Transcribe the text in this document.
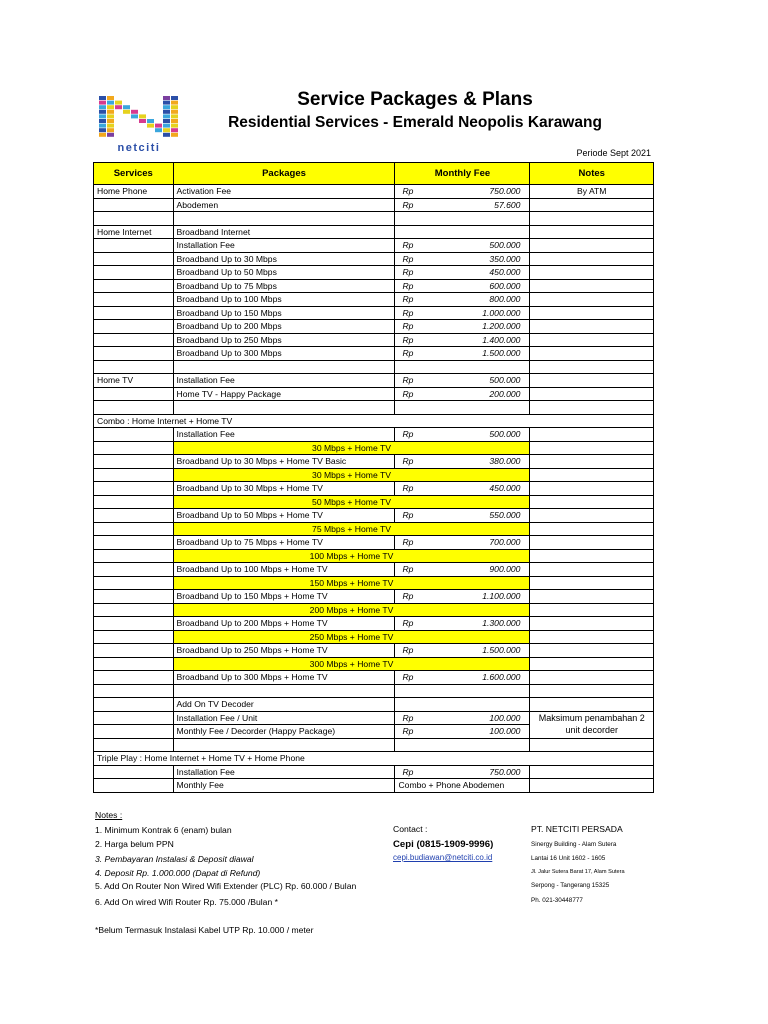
netciti
Service Packages & Plans
Residential Services - Emerald Neopolis Karawang
Periode Sept 2021
Services	Packages	Monthly Fee	Notes
Home Phone	Activation Fee	Rp 750.000	By ATM
	Abodemen	Rp 57.600	

Home Internet	Broadband Internet		
	Installation Fee	Rp 500.000	

	Broadband Up to 30 Mbps	Rp 350.000	

	Broadband Up to 50 Mbps	Rp 450.000	

	Broadband Up to 75 Mbps	Rp 600.000	

	Broadband Up to 100 Mbps	Rp 800.000	

	Broadband Up to 150 Mbps	Rp 1.000.000	

	Broadband Up to 200 Mbps	Rp 1.200.000	

	Broadband Up to 250 Mbps	Rp 1.400.000	

	Broadband Up to 300 Mbps	Rp 1.500.000	

Home TV	Installation Fee	Rp 500.000	

	Home TV - Happy Package	Rp 200.000	

Combo : Home Internet + Home TV			
	Installation Fee	Rp 500.000	

	30 Mbps + Home TV		
	Broadband Up to 30 Mbps + Home TV Basic	Rp 380.000	

	30 Mbps + Home TV		
	Broadband Up to 30 Mbps + Home TV	Rp 450.000	

	50 Mbps + Home TV		
	Broadband Up to 50 Mbps + Home TV	Rp 550.000	

	75 Mbps + Home TV		
	Broadband Up to 75 Mbps + Home TV	Rp 700.000	

	100 Mbps + Home TV		
	Broadband Up to 100 Mbps + Home TV	Rp 900.000	

	150 Mbps + Home TV		
	Broadband Up to 150 Mbps + Home TV	Rp 1.100.000	

	200 Mbps + Home TV		
	Broadband Up to 200 Mbps + Home TV	Rp 1.300.000	

	250 Mbps + Home TV		
	Broadband Up to 250 Mbps + Home TV	Rp 1.500.000	

	300 Mbps + Home TV		
	Broadband Up to 300 Mbps + Home TV	Rp 1.600.000	

	Add On TV Decoder		
	Installation Fee / Unit	Rp 100.000	Maksimum penambahan 2 unit decorder
	Monthly Fee / Decorder (Happy Package)	Rp 100.000	

Triple Play : Home Internet + Home TV + Home Phone			
	Installation Fee	Rp 750.000	

	Monthly Fee	Combo + Phone Abodemen	
Notes :
1. Minimum Kontrak 6 (enam) bulan
2. Harga belum PPN
3. Pembayaran Instalasi & Deposit diawal
4. Deposit Rp. 1.000.000 (Dapat di Refund)
5. Add On Router Non Wired Wifi Extender (PLC) Rp. 60.000 / Bulan
6. Add On wired Wifi Router Rp. 75.000 /Bulan *
*Belum Termasuk Instalasi Kabel UTP Rp. 10.000 / meter
Contact :
Cepi (0815-1909-9996)
cepi.budiawan@netciti.co.id
PT. NETCITI PERSADA
Sinergy Building - Alam Sutera
Lantai 16 Unit 1602 - 1605
Jl. Jalur Sutera Barat 17, Alam Sutera
Serpong - Tangerang 15325
Ph. 021-30448777
